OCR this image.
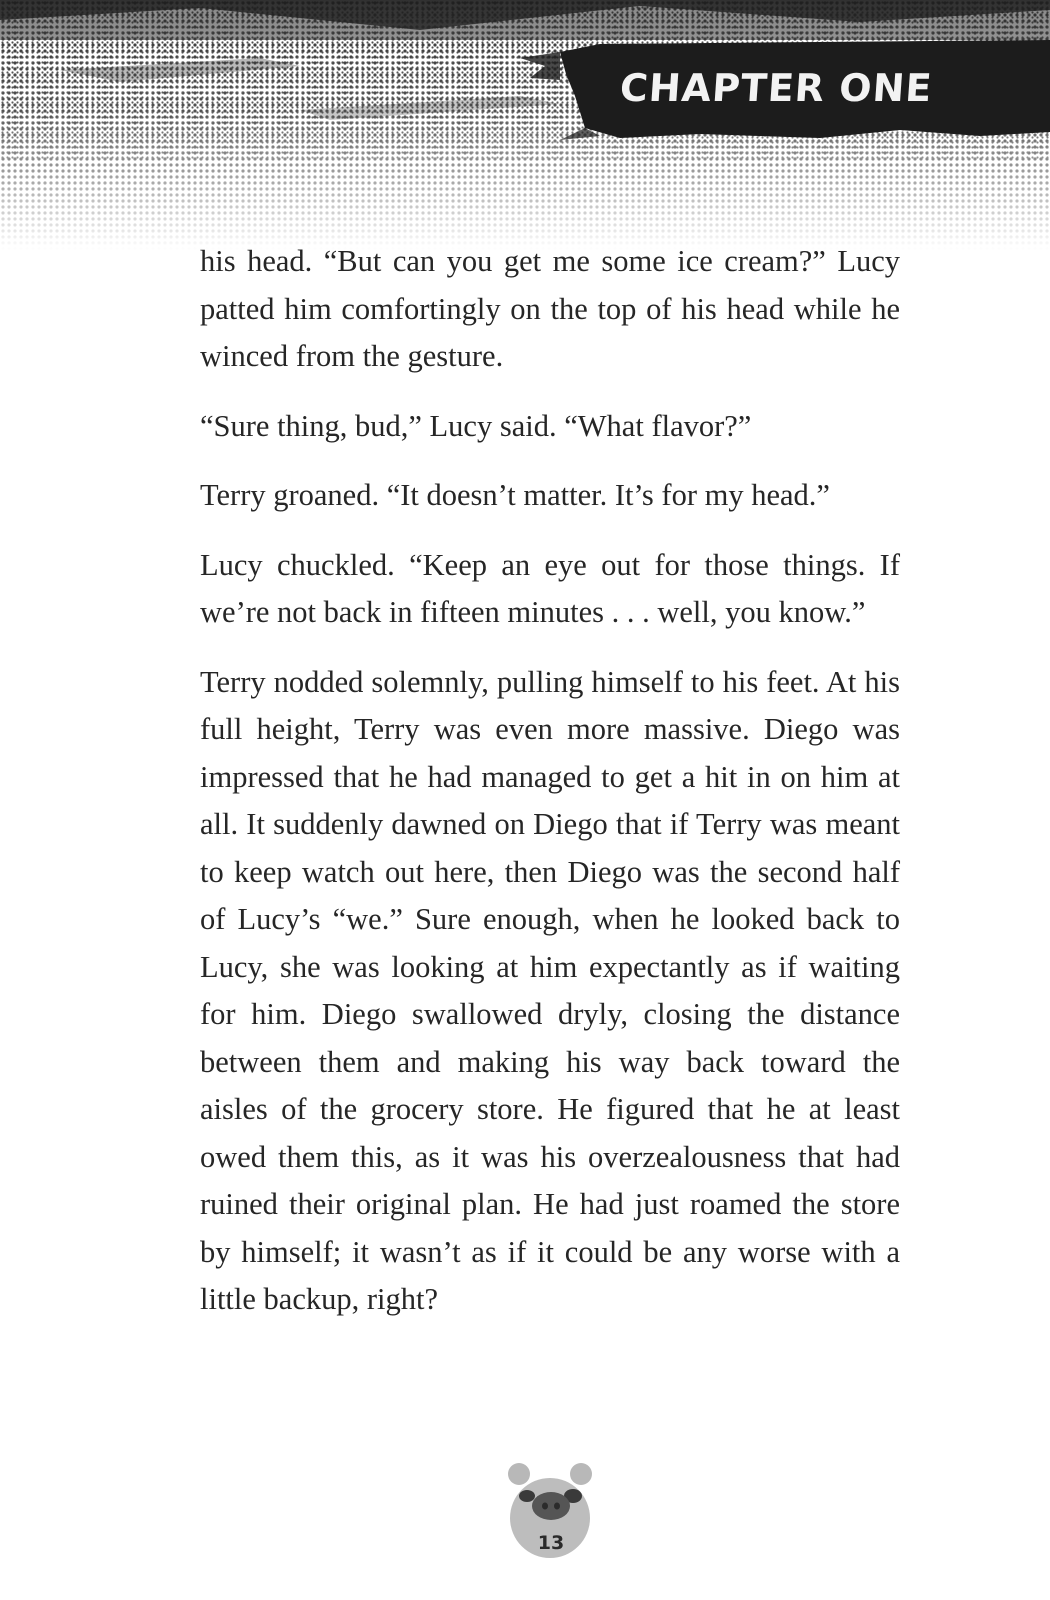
CHAPTER ONE

his head. “But can you get me some ice cream?” Lucy patted him comfortingly on the top of his head while he winced from the gesture.

“Sure thing, bud,” Lucy said. “What flavor?”

Terry groaned. “It doesn’t matter. It’s for my head.”

Lucy chuckled. “Keep an eye out for those things. If we’re not back in fifteen minutes . . . well, you know.”

Terry nodded solemnly, pulling himself to his feet. At his full height, Terry was even more massive. Diego was impressed that he had managed to get a hit in on him at all. It suddenly dawned on Diego that if Terry was meant to keep watch out here, then Diego was the second half of Lucy’s “we.” Sure enough, when he looked back to Lucy, she was looking at him expectantly as if waiting for him. Diego swallowed dryly, closing the distance between them and making his way back toward the aisles of the grocery store. He figured that he at least owed them this, as it was his overzealousness that had ruined their original plan. He had just roamed the store by himself; it wasn’t as if it could be any worse with a little backup, right?

13
